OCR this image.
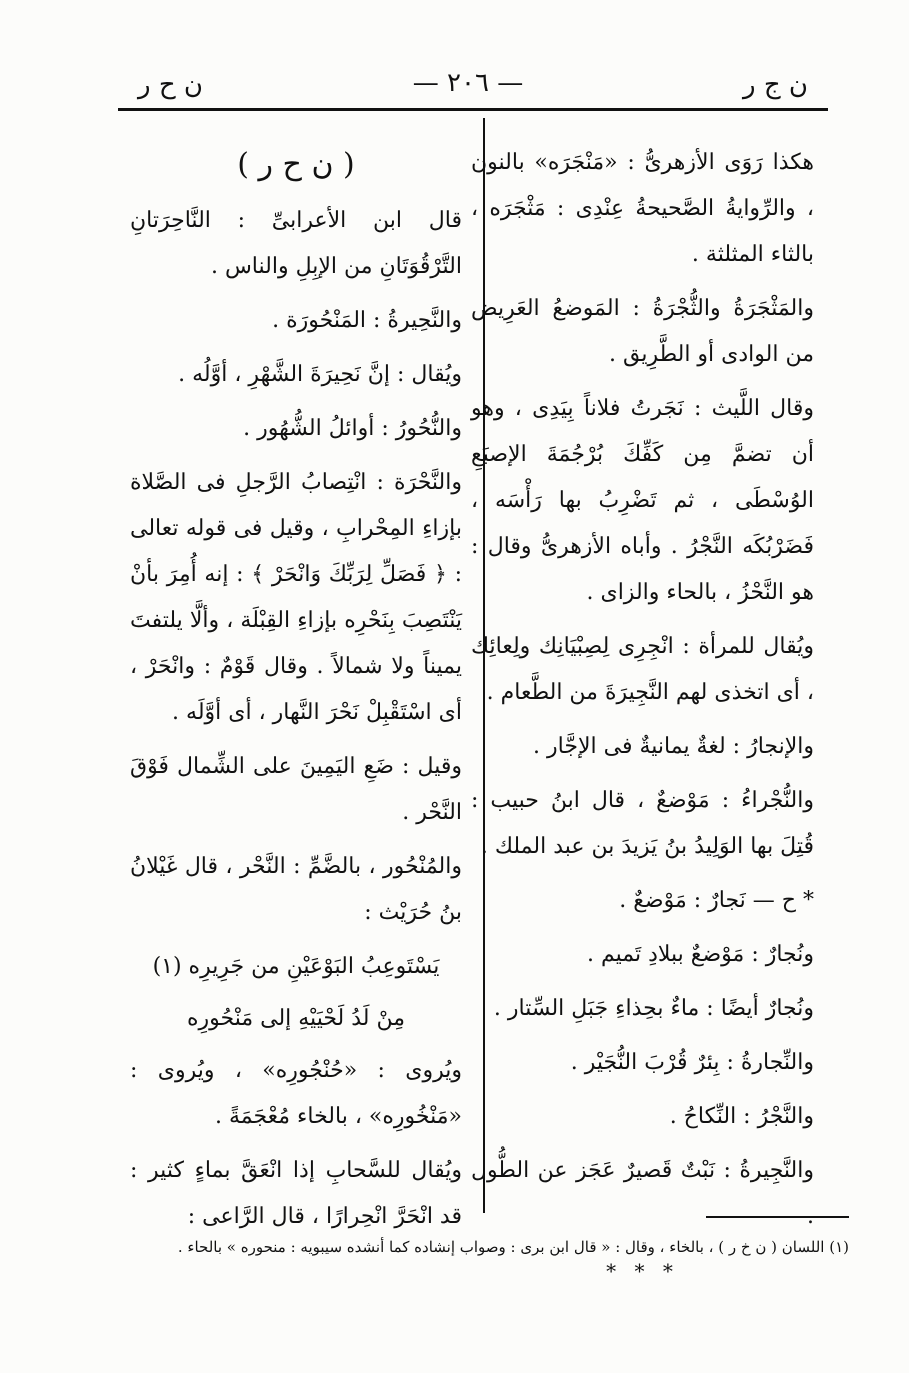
ن ج ر
— ٢٠٦ —
ن ح ر

هكذا رَوَى الأزهرىُّ : «مَنْجَرَه» بالنون ، والرِّوايةُ الصَّحيحةُ عِنْدِى : مَثْجَرَه ، بالثاء المثلثة .

والمَثْجَرَةُ والثُّجْرَةُ : المَوضعُ العَرِيض من الوادى أو الطَّرِيق .

وقال اللَّيث : نَجَرتُ فلاناً بِيَدِى ، وهو أن تضمَّ مِن كَفِّكَ بُرْجُمَةَ الإصبَعِ الوُسْطَى ، ثم تَضْرِبُ بها رَأْسَه ، فَضَرْبُكَه النَّجْرُ . وأباه الأزهرىُّ وقال : هو النَّحْزُ ، بالحاء والزاى .

ويُقال للمرأة : انْجِرِى لِصِبْيَانِك ولِعائِك ، أى اتخذى لهم النَّجِيرَةَ من الطَّعام .

والإنجارُ : لغةٌ يمانيةٌ فى الإجَّار .

والنُّجْراءُ : مَوْضعٌ ، قال ابنُ حبيب : قُتِلَ بها الوَلِيدُ بنُ يَزيدَ بن عبد الملك .

* ح — نَجارٌ : مَوْضعٌ .

ونُجارٌ : مَوْضعٌ ببلادِ تَميم .

ونُجارٌ أيضًا : ماءٌ بحِذاءِ جَبَلِ السِّتار .

والنِّجارةُ : بِئرٌ قُرْبَ النُّجَيْر .

والنَّجْرُ : النِّكاحُ .

والنَّجِيرةُ : نَبْتٌ قَصيرٌ عَجَز عن الطُّول .

* * *
( ن ح ر )

قال ابن الأعرابىِّ : النَّاحِرَتانِ التَّرْقُوَتَانِ من الإبِلِ والناس .

والنَّحِيرةُ : المَنْحُورَة .

ويُقال : إنَّ نَحِيرَةَ الشَّهْرِ ، أوَّلُه .

والنُّحُورُ : أوائلُ الشُّهُور .

والنَّحْرَة : انْتِصابُ الرَّجلِ فى الصَّلاة بإزاءِ المِحْرابِ ، وقيل فى قوله تعالى : ﴿ فَصَلِّ لِرَبِّكَ وَانْحَرْ ﴾ : إنه أُمِرَ بأنْ يَنْتَصِبَ بِنَحْرِه بإزاءِ القِبْلَة ، وألَّا يلتفتَ يميناً ولا شمالاً . وقال قَوْمٌ : وانْحَرْ ، أى اسْتَقْبِلْ نَحْرَ النَّهار ، أى أوَّلَه .

وقيل : ضَعِ اليَمِينَ على الشِّمال فَوْقَ النَّحْر .

والمُنْحُور ، بالضَّمِّ : النَّحْر ، قال غَيْلانُ بنُ حُرَيْث :

يَسْتَوعِبُ البَوْعَيْنِ من جَرِيرِه (١)
مِنْ لَدُ لَحْيَيْهِ إلى مَنْحُورِه

ويُروى : «حُنْجُورِه» ، ويُروى : «مَنْخُورِه» ، بالخاء مُعْجَمَةً .

ويُقال للسَّحابِ إذا انْعَقَّ بماءٍ كثير : قد انْحَرَّ انْحِرارًا ، قال الرَّاعى :

(١) اللسان ( ن خ ر ) ، بالخاء ، وقال : « قال ابن برى : وصواب إنشاده كما أنشده سيبويه : منحوره » بالحاء .
